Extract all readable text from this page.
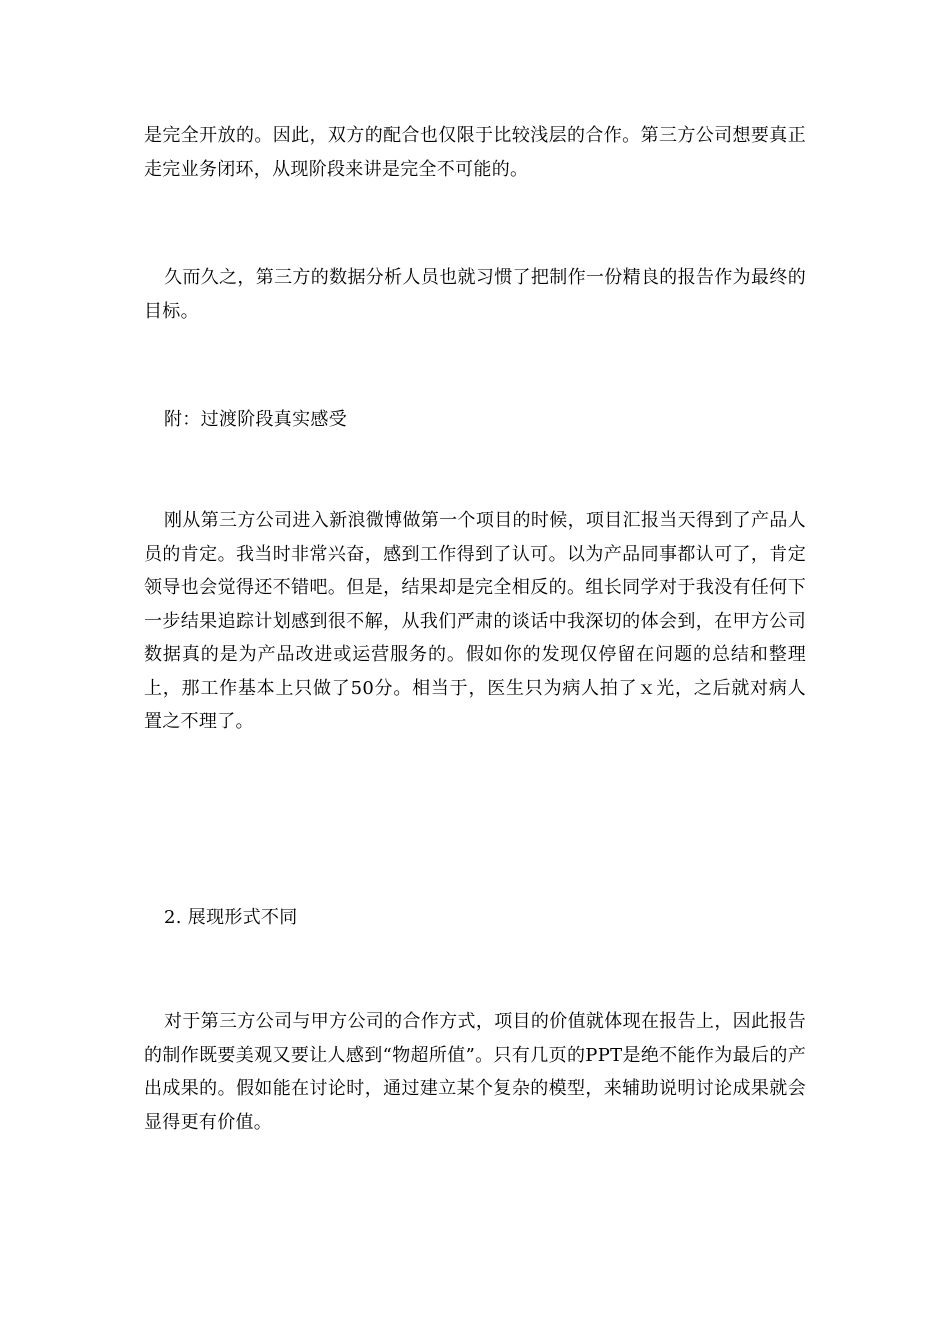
是完全开放的。因此，双方的配合也仅限于比较浅层的合作。第三方公司想要真正走完业务闭环，从现阶段来讲是完全不可能的。

久而久之，第三方的数据分析人员也就习惯了把制作一份精良的报告作为最终的目标。

附：过渡阶段真实感受

刚从第三方公司进入新浪微博做第一个项目的时候，项目汇报当天得到了产品人员的肯定。我当时非常兴奋，感到工作得到了认可。以为产品同事都认可了，肯定领导也会觉得还不错吧。但是，结果却是完全相反的。组长同学对于我没有任何下一步结果追踪计划感到很不解，从我们严肃的谈话中我深切的体会到，在甲方公司数据真的是为产品改进或运营服务的。假如你的发现仅停留在问题的总结和整理上，那工作基本上只做了50分。相当于，医生只为病人拍了ｘ光，之后就对病人置之不理了。

2. 展现形式不同

对于第三方公司与甲方公司的合作方式，项目的价值就体现在报告上，因此报告的制作既要美观又要让人感到“物超所值”。只有几页的PPT是绝不能作为最后的产出成果的。假如能在讨论时，通过建立某个复杂的模型，来辅助说明讨论成果就会显得更有价值。
